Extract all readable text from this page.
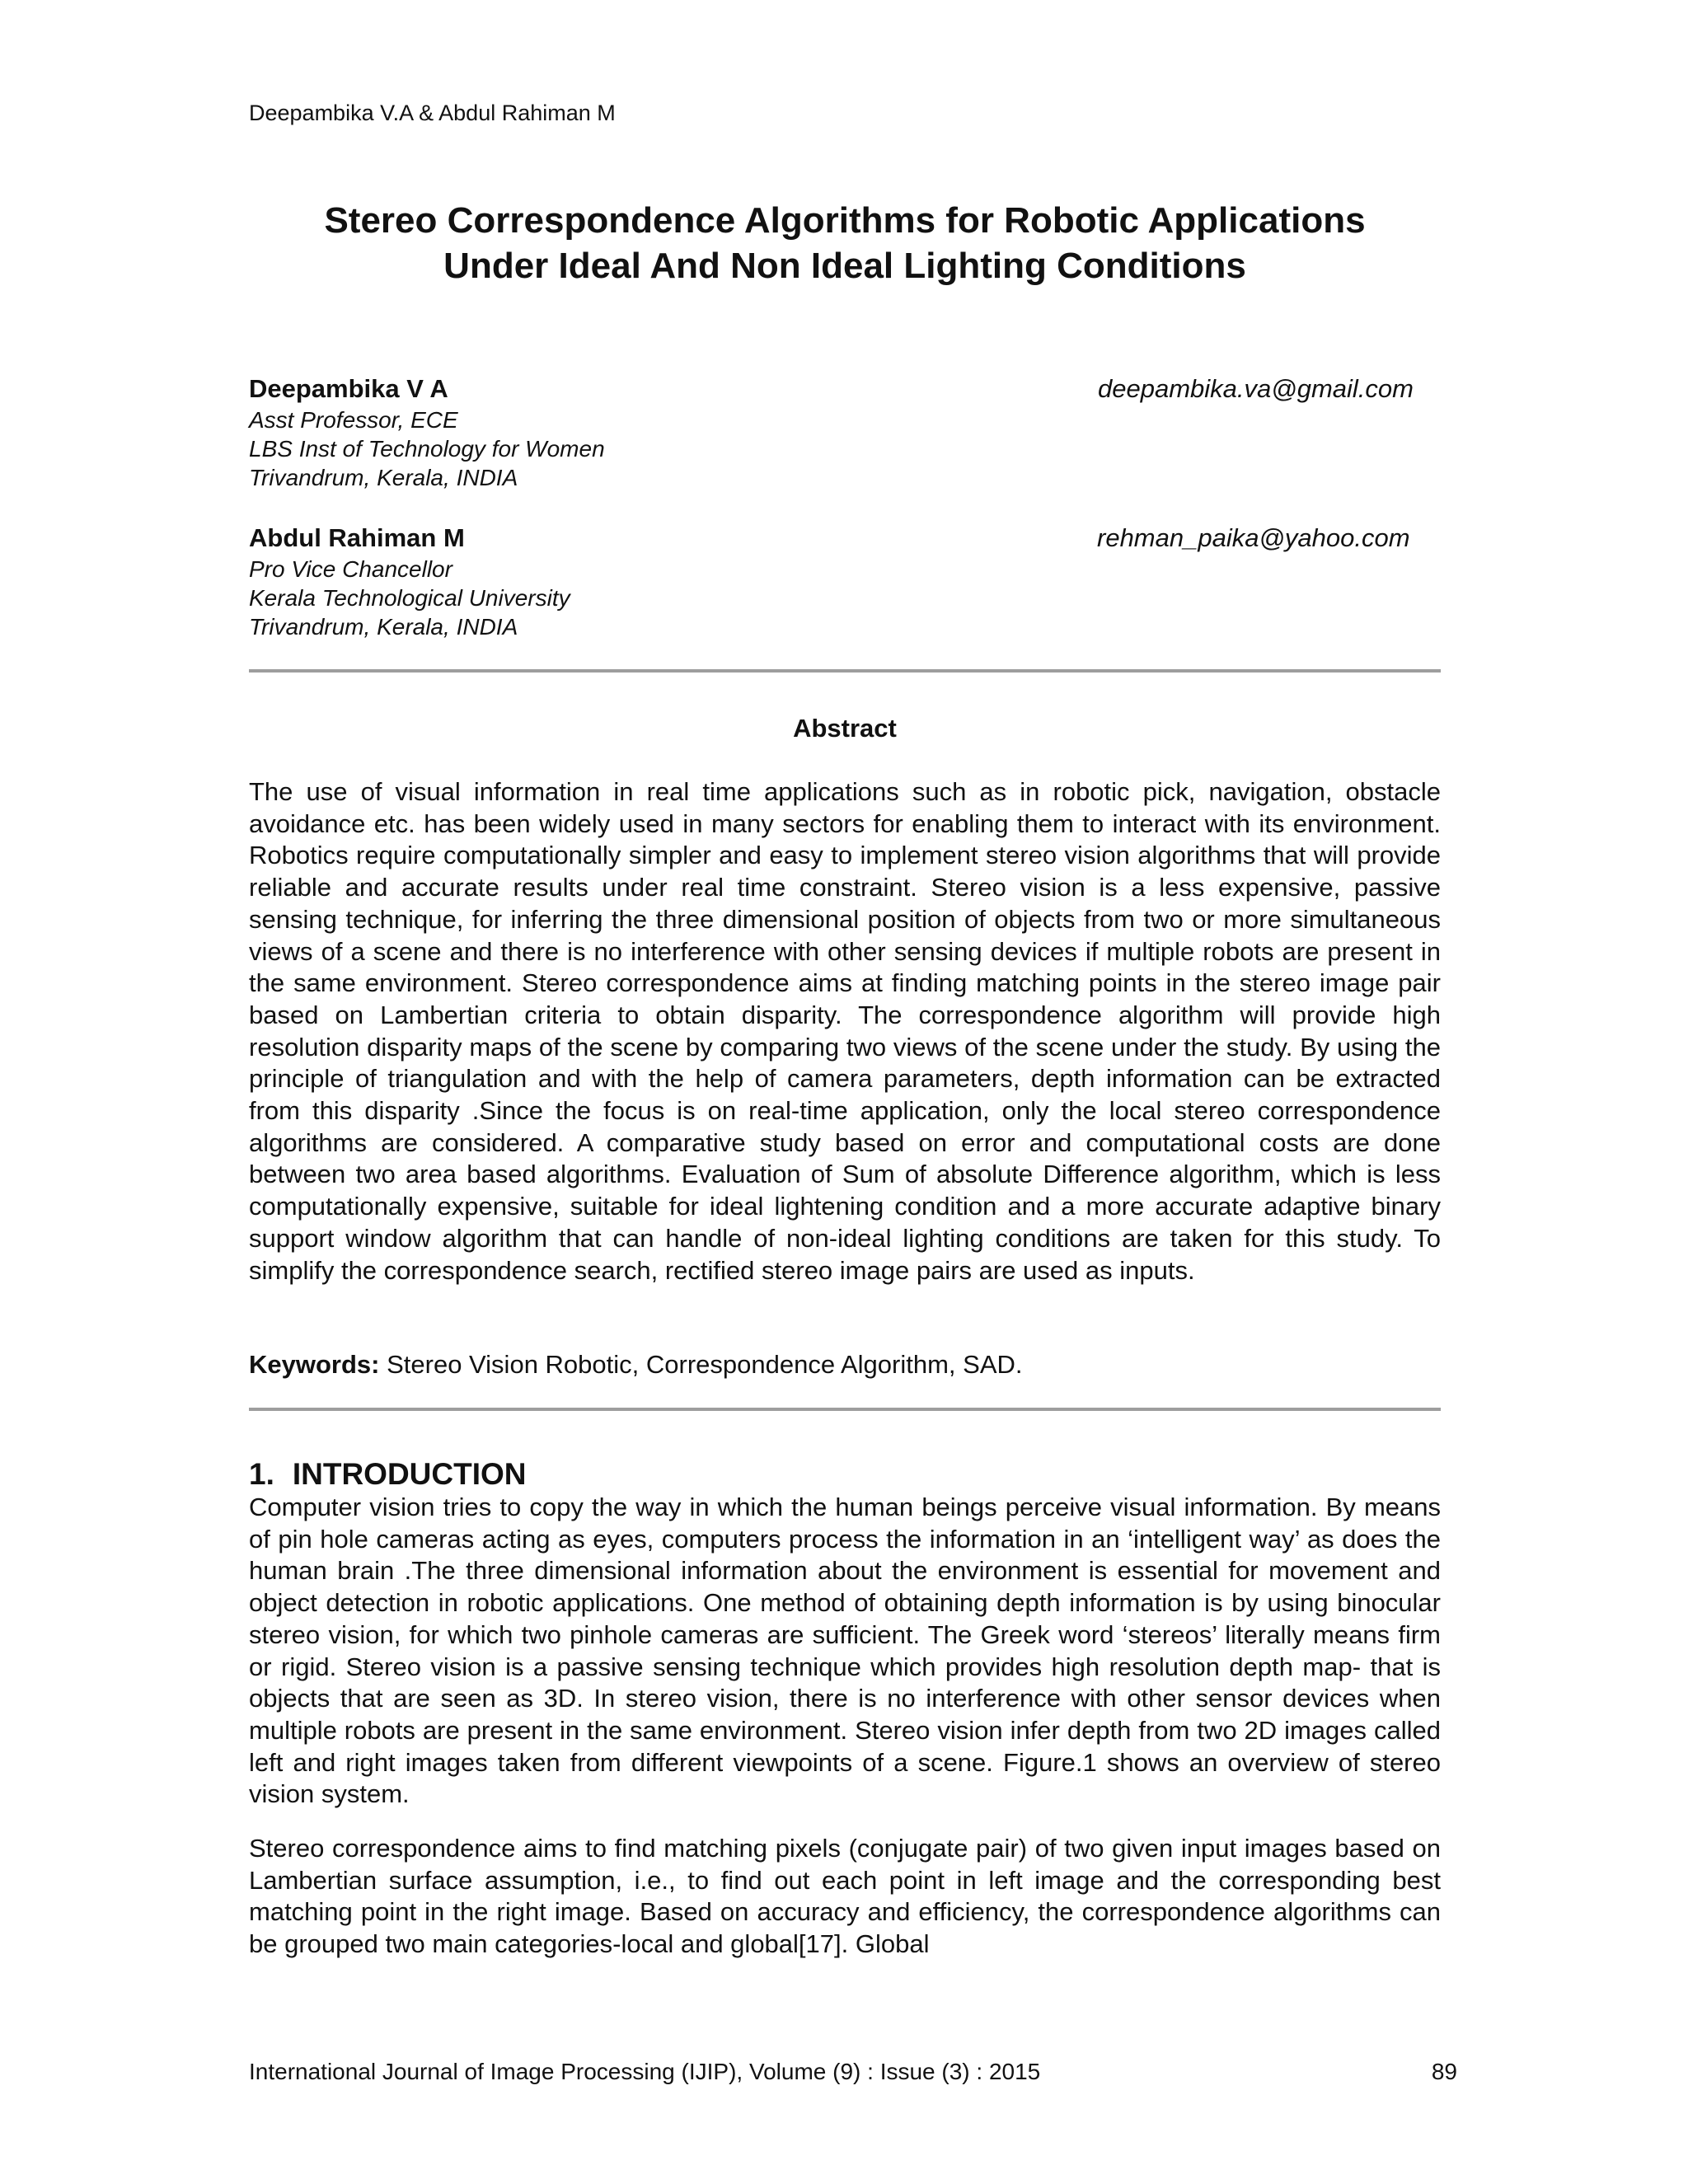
Deepambika V.A & Abdul Rahiman M
Stereo Correspondence Algorithms for Robotic Applications
Under Ideal And Non Ideal Lighting Conditions
Deepambika V A
Asst Professor, ECE
LBS Inst of Technology for Women
Trivandrum, Kerala, INDIA
deepambika.va@gmail.com
Abdul Rahiman M
Pro Vice Chancellor
Kerala Technological University
Trivandrum, Kerala, INDIA
rehman_paika@yahoo.com
Abstract

The use of visual information in real time applications such as in robotic pick, navigation, obstacle avoidance etc. has been widely used in many sectors for enabling them to interact with its environment. Robotics require computationally simpler and easy to implement stereo vision algorithms that will provide reliable and accurate results under real time constraint. Stereo vision is a less expensive, passive sensing technique, for inferring the three dimensional position of objects from two or more simultaneous views of a scene and there is no interference with other sensing devices if multiple robots are present in the same environment. Stereo correspondence aims at finding matching points in the stereo image pair based on Lambertian criteria to obtain disparity. The correspondence algorithm will provide high resolution disparity maps of the scene by comparing two views of the scene under the study. By using the principle of triangulation and with the help of camera parameters, depth information can be extracted from this disparity .Since the focus is on real-time application, only the local stereo correspondence algorithms are considered. A comparative study based on error and computational costs are done between two area based algorithms. Evaluation of Sum of absolute Difference algorithm, which is less computationally expensive, suitable for ideal lightening condition and a more accurate adaptive binary support window algorithm that can handle of non-ideal lighting conditions are taken for this study. To simplify the correspondence search, rectified stereo image pairs are used as inputs.

Keywords: Stereo Vision Robotic, Correspondence Algorithm, SAD.
1. INTRODUCTION

Computer vision tries to copy the way in which the human beings perceive visual information. By means of pin hole cameras acting as eyes, computers process the information in an ‘intelligent way’ as does the human brain .The three dimensional information about the environment is essential for movement and object detection in robotic applications. One method of obtaining depth information is by using binocular stereo vision, for which two pinhole cameras are sufficient. The Greek word ‘stereos’ literally means firm or rigid. Stereo vision is a passive sensing technique which provides high resolution depth map- that is objects that are seen as 3D. In stereo vision, there is no interference with other sensor devices when multiple robots are present in the same environment. Stereo vision infer depth from two 2D images called left and right images taken from different viewpoints of a scene. Figure.1 shows an overview of stereo vision system.

Stereo correspondence aims to find matching pixels (conjugate pair) of two given input images based on Lambertian surface assumption, i.e., to find out each point in left image and the corresponding best matching point in the right image. Based on accuracy and efficiency, the correspondence algorithms can be grouped two main categories-local and global[17]. Global

International Journal of Image Processing (IJIP), Volume (9) : Issue (3) : 2015	89
